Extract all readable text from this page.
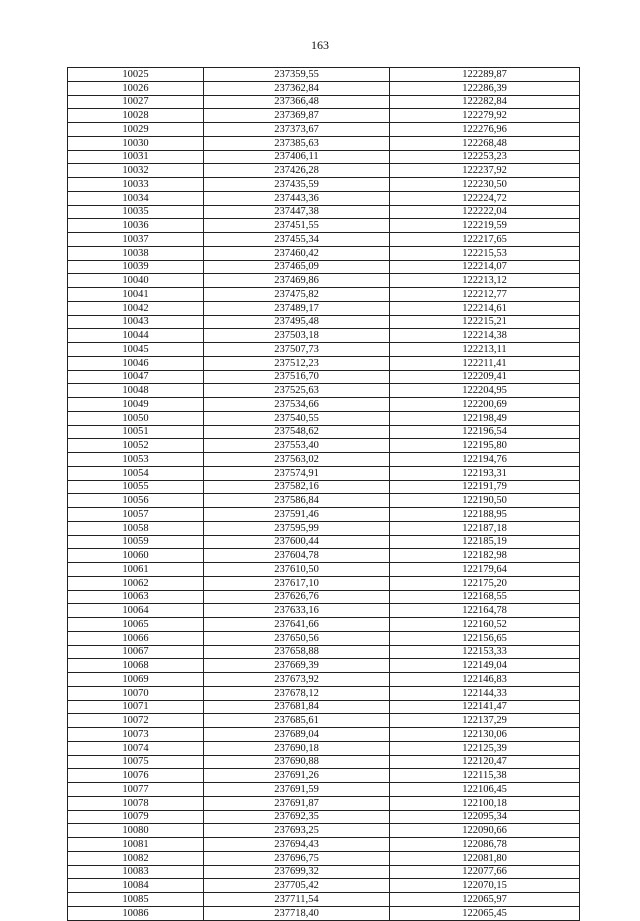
163
10025	237359,55	122289,87
10026	237362,84	122286,39
10027	237366,48	122282,84
10028	237369,87	122279,92
10029	237373,67	122276,96
10030	237385,63	122268,48
10031	237406,11	122253,23
10032	237426,28	122237,92
10033	237435,59	122230,50
10034	237443,36	122224,72
10035	237447,38	122222,04
10036	237451,55	122219,59
10037	237455,34	122217,65
10038	237460,42	122215,53
10039	237465,09	122214,07
10040	237469,86	122213,12
10041	237475,82	122212,77
10042	237489,17	122214,61
10043	237495,48	122215,21
10044	237503,18	122214,38
10045	237507,73	122213,11
10046	237512,23	122211,41
10047	237516,70	122209,41
10048	237525,63	122204,95
10049	237534,66	122200,69
10050	237540,55	122198,49
10051	237548,62	122196,54
10052	237553,40	122195,80
10053	237563,02	122194,76
10054	237574,91	122193,31
10055	237582,16	122191,79
10056	237586,84	122190,50
10057	237591,46	122188,95
10058	237595,99	122187,18
10059	237600,44	122185,19
10060	237604,78	122182,98
10061	237610,50	122179,64
10062	237617,10	122175,20
10063	237626,76	122168,55
10064	237633,16	122164,78
10065	237641,66	122160,52
10066	237650,56	122156,65
10067	237658,88	122153,33
10068	237669,39	122149,04
10069	237673,92	122146,83
10070	237678,12	122144,33
10071	237681,84	122141,47
10072	237685,61	122137,29
10073	237689,04	122130,06
10074	237690,18	122125,39
10075	237690,88	122120,47
10076	237691,26	122115,38
10077	237691,59	122106,45
10078	237691,87	122100,18
10079	237692,35	122095,34
10080	237693,25	122090,66
10081	237694,43	122086,78
10082	237696,75	122081,80
10083	237699,32	122077,66
10084	237705,42	122070,15
10085	237711,54	122065,97
10086	237718,40	122065,45
